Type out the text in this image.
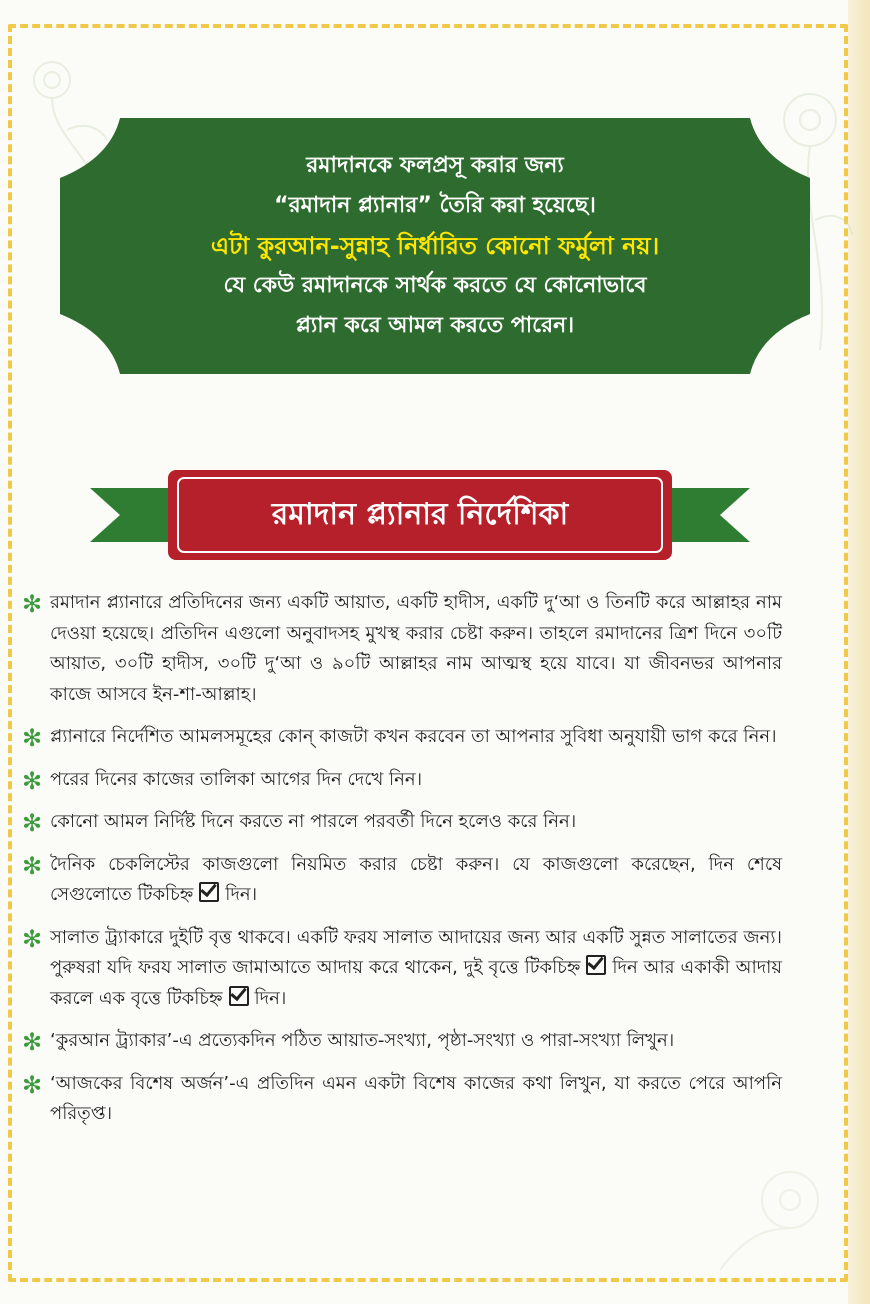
রমাদানকে ফলপ্রসূ করার জন্য
“রমাদান প্ল্যানার” তৈরি করা হয়েছে।
এটা কুরআন-সুন্নাহ নির্ধারিত কোনো ফর্মুলা নয়।
যে কেউ রমাদানকে সার্থক করতে যে কোনোভাবে
প্ল্যান করে আমল করতে পারেন।
রমাদান প্ল্যানার নির্দেশিকা
✻ রমাদান প্ল্যানারে প্রতিদিনের জন্য একটি আয়াত, একটি হাদীস, একটি দু‘আ ও তিনটি করে আল্লাহর নাম দেওয়া হয়েছে। প্রতিদিন এগুলো অনুবাদসহ মুখস্থ করার চেষ্টা করুন। তাহলে রমাদানের ত্রিশ দিনে ৩০টি আয়াত, ৩০টি হাদীস, ৩০টি দু‘আ ও ৯০টি আল্লাহর নাম আত্মস্থ হয়ে যাবে। যা জীবনভর আপনার কাজে আসবে ইন-শা-আল্লাহ।
✻ প্ল্যানারে নির্দেশিত আমলসমূহের কোন্ কাজটা কখন করবেন তা আপনার সুবিধা অনুযায়ী ভাগ করে নিন।
✻ পরের দিনের কাজের তালিকা আগের দিন দেখে নিন।
✻ কোনো আমল নির্দিষ্ট দিনে করতে না পারলে পরবর্তী দিনে হলেও করে নিন।
✻ দৈনিক চেকলিস্টের কাজগুলো নিয়মিত করার চেষ্টা করুন। যে কাজগুলো করেছেন, দিন শেষে সেগুলোতে টিকচিহ্ন দিন।
✻ সালাত ট্র্যাকারে দুইটি বৃত্ত থাকবে। একটি ফরয সালাত আদায়ের জন্য আর একটি সুন্নত সালাতের জন্য। পুরুষরা যদি ফরয সালাত জামাআতে আদায় করে থাকেন, দুই বৃত্তে টিকচিহ্ন দিন আর একাকী আদায় করলে এক বৃত্তে টিকচিহ্ন দিন।
✻ ‘কুরআন ট্র্যাকার’-এ প্রত্যেকদিন পঠিত আয়াত-সংখ্যা, পৃষ্ঠা-সংখ্যা ও পারা-সংখ্যা লিখুন।
✻ ‘আজকের বিশেষ অর্জন’-এ প্রতিদিন এমন একটা বিশেষ কাজের কথা লিখুন, যা করতে পেরে আপনি পরিতৃপ্ত।
